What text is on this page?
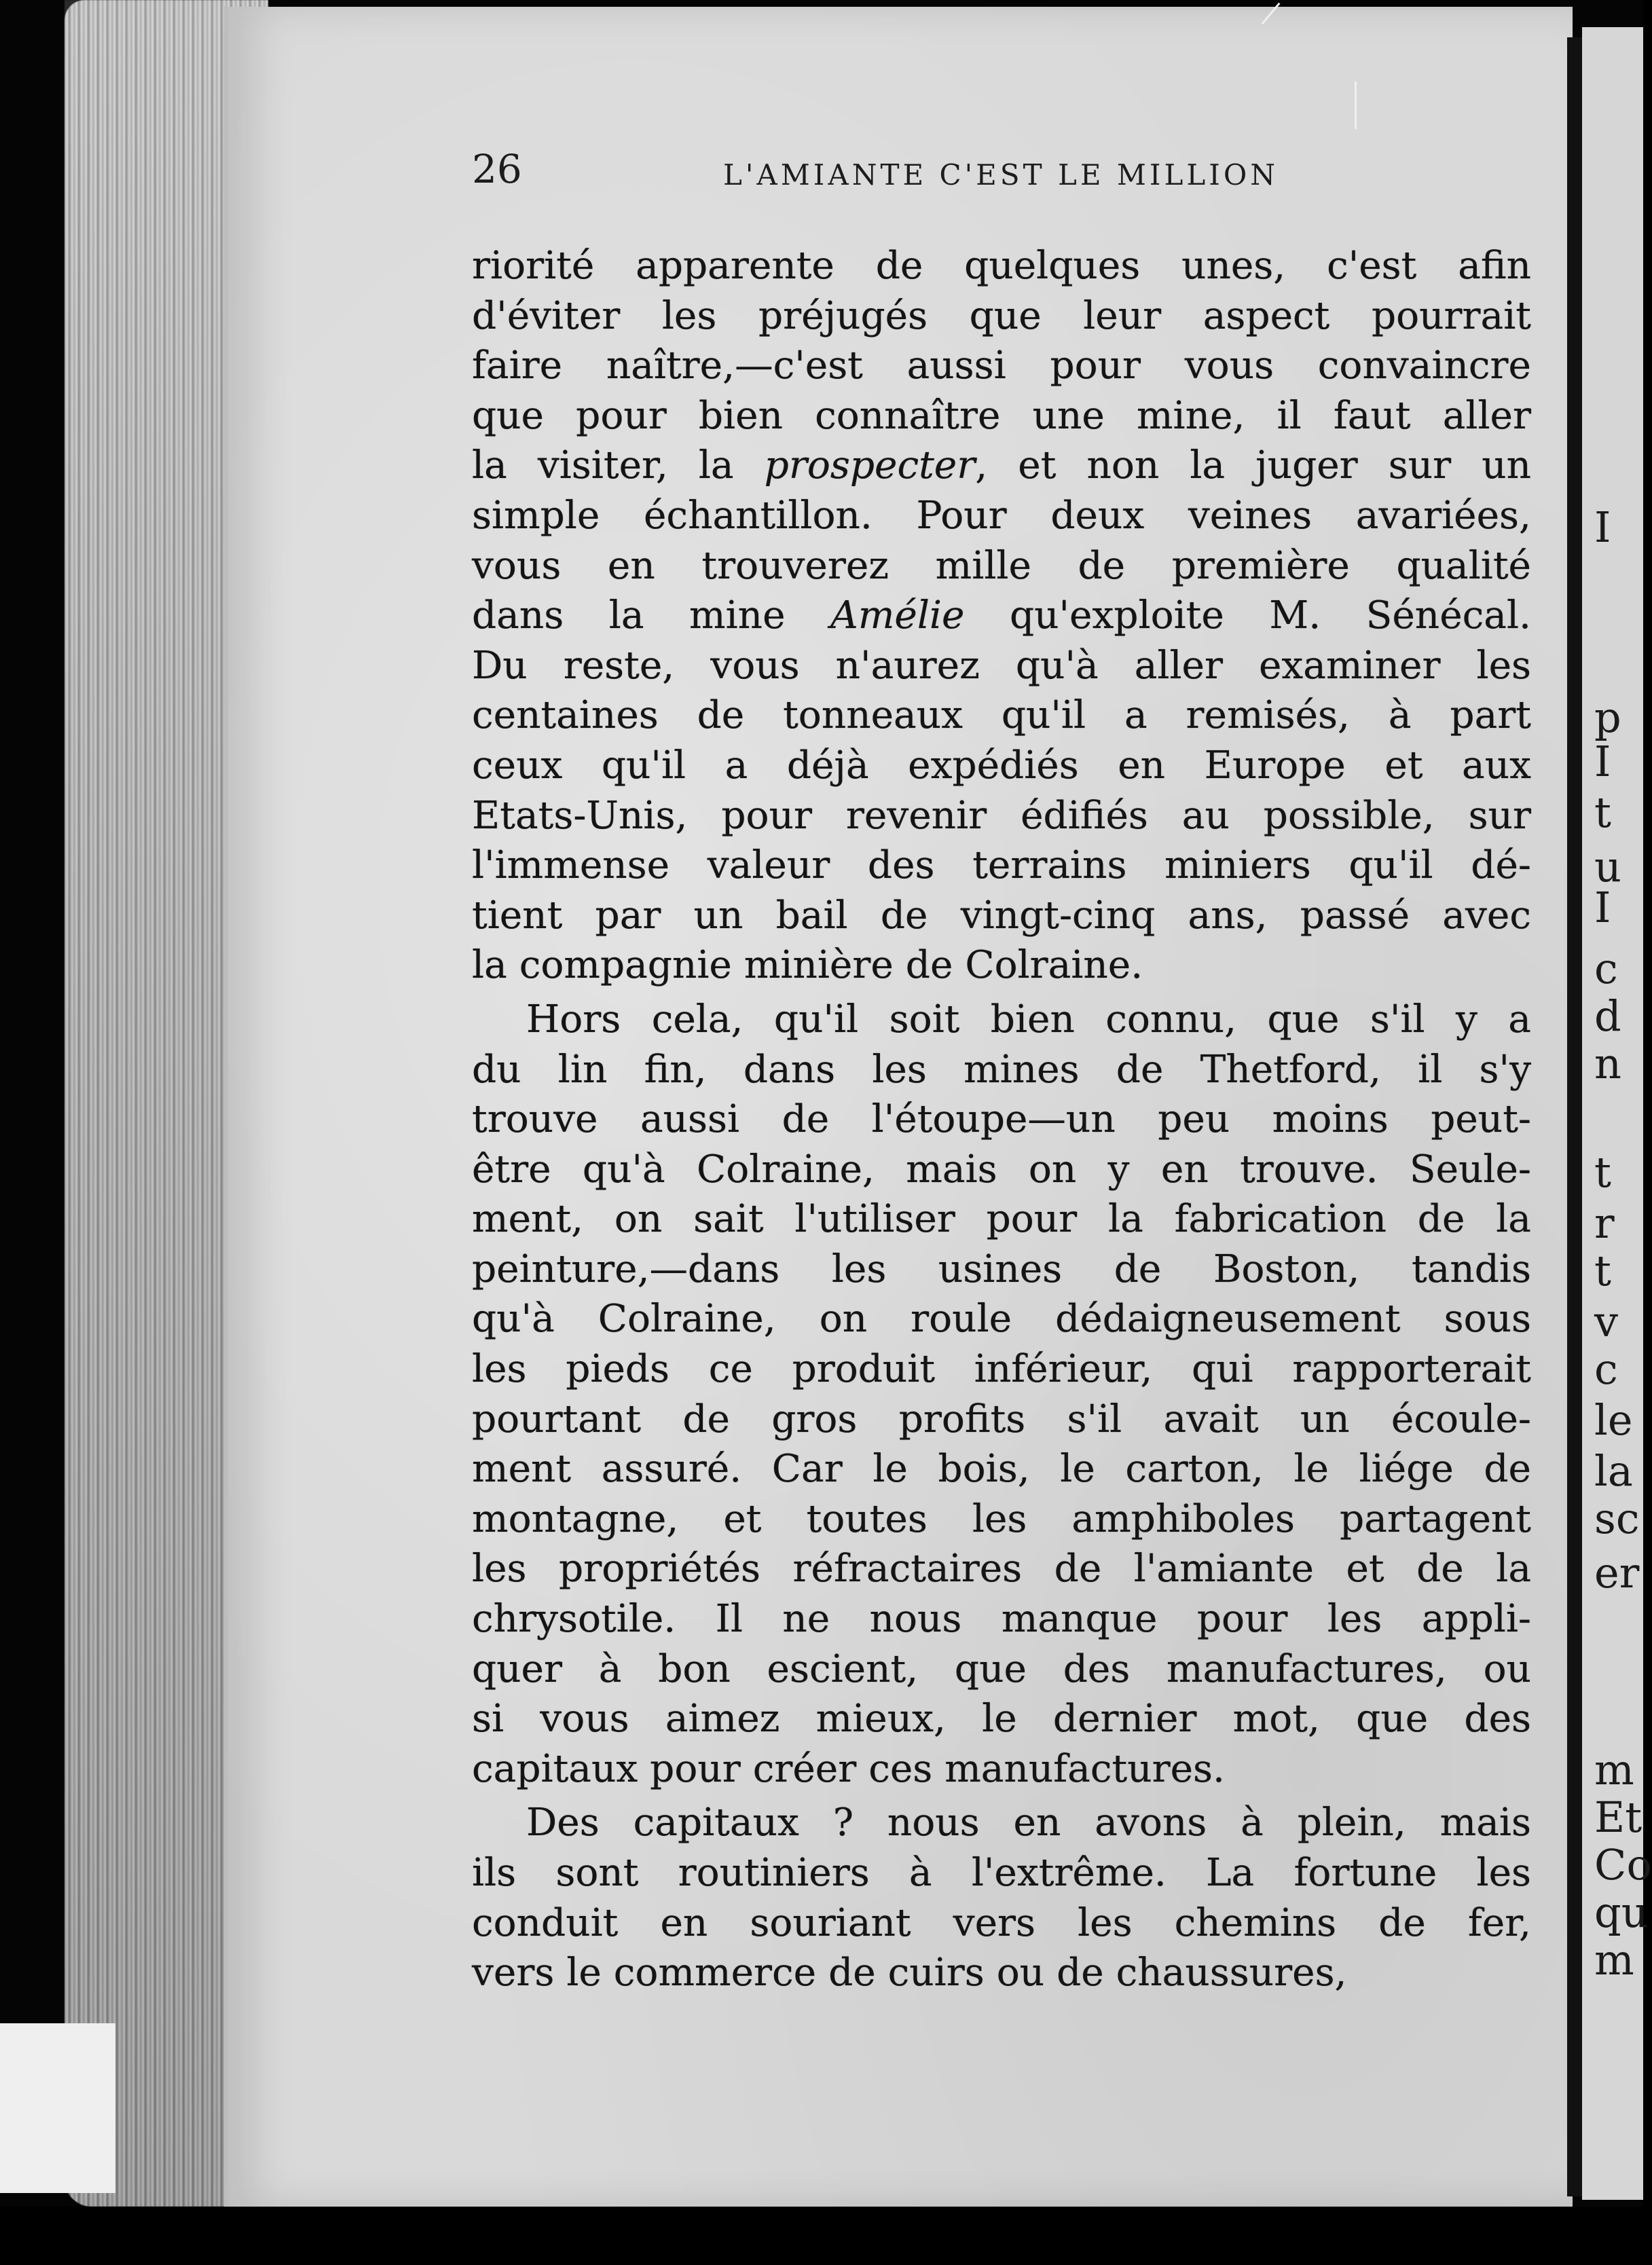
26	L'AMIANTE C'EST LE MILLION
riorité apparente de quelques unes, c'est afin
d'éviter les préjugés que leur aspect pourrait
faire naître,—c'est aussi pour vous convaincre
que pour bien connaître une mine, il faut aller
la visiter, la prospecter, et non la juger sur un
simple échantillon. Pour deux veines avariées,
vous en trouverez mille de première qualité
dans la mine Amélie qu'exploite M. Sénécal.
Du reste, vous n'aurez qu'à aller examiner les
centaines de tonneaux qu'il a remisés, à part
ceux qu'il a déjà expédiés en Europe et aux
Etats-Unis, pour revenir édifiés au possible, sur
l'immense valeur des terrains miniers qu'il dé-
tient par un bail de vingt-cinq ans, passé avec
la compagnie minière de Colraine.
Hors cela, qu'il soit bien connu, que s'il y a
du lin fin, dans les mines de Thetford, il s'y
trouve aussi de l'étoupe—un peu moins peut-
être qu'à Colraine, mais on y en trouve. Seule-
ment, on sait l'utiliser pour la fabrication de la
peinture,—dans les usines de Boston, tandis
qu'à Colraine, on roule dédaigneusement sous
les pieds ce produit inférieur, qui rapporterait
pourtant de gros profits s'il avait un écoule-
ment assuré. Car le bois, le carton, le liége de
montagne, et toutes les amphiboles partagent
les propriétés réfractaires de l'amiante et de la
chrysotile. Il ne nous manque pour les appli-
quer à bon escient, que des manufactures, ou
si vous aimez mieux, le dernier mot, que des
capitaux pour créer ces manufactures.
Des capitaux ? nous en avons à plein, mais
ils sont routiniers à l'extrême. La fortune les
conduit en souriant vers les chemins de fer,
vers le commerce de cuirs ou de chaussures,
I
p
I
t
u
I
c
d
n
t
r
t
v
c
le
la
sc
er
m
Et
Co
qu
m
